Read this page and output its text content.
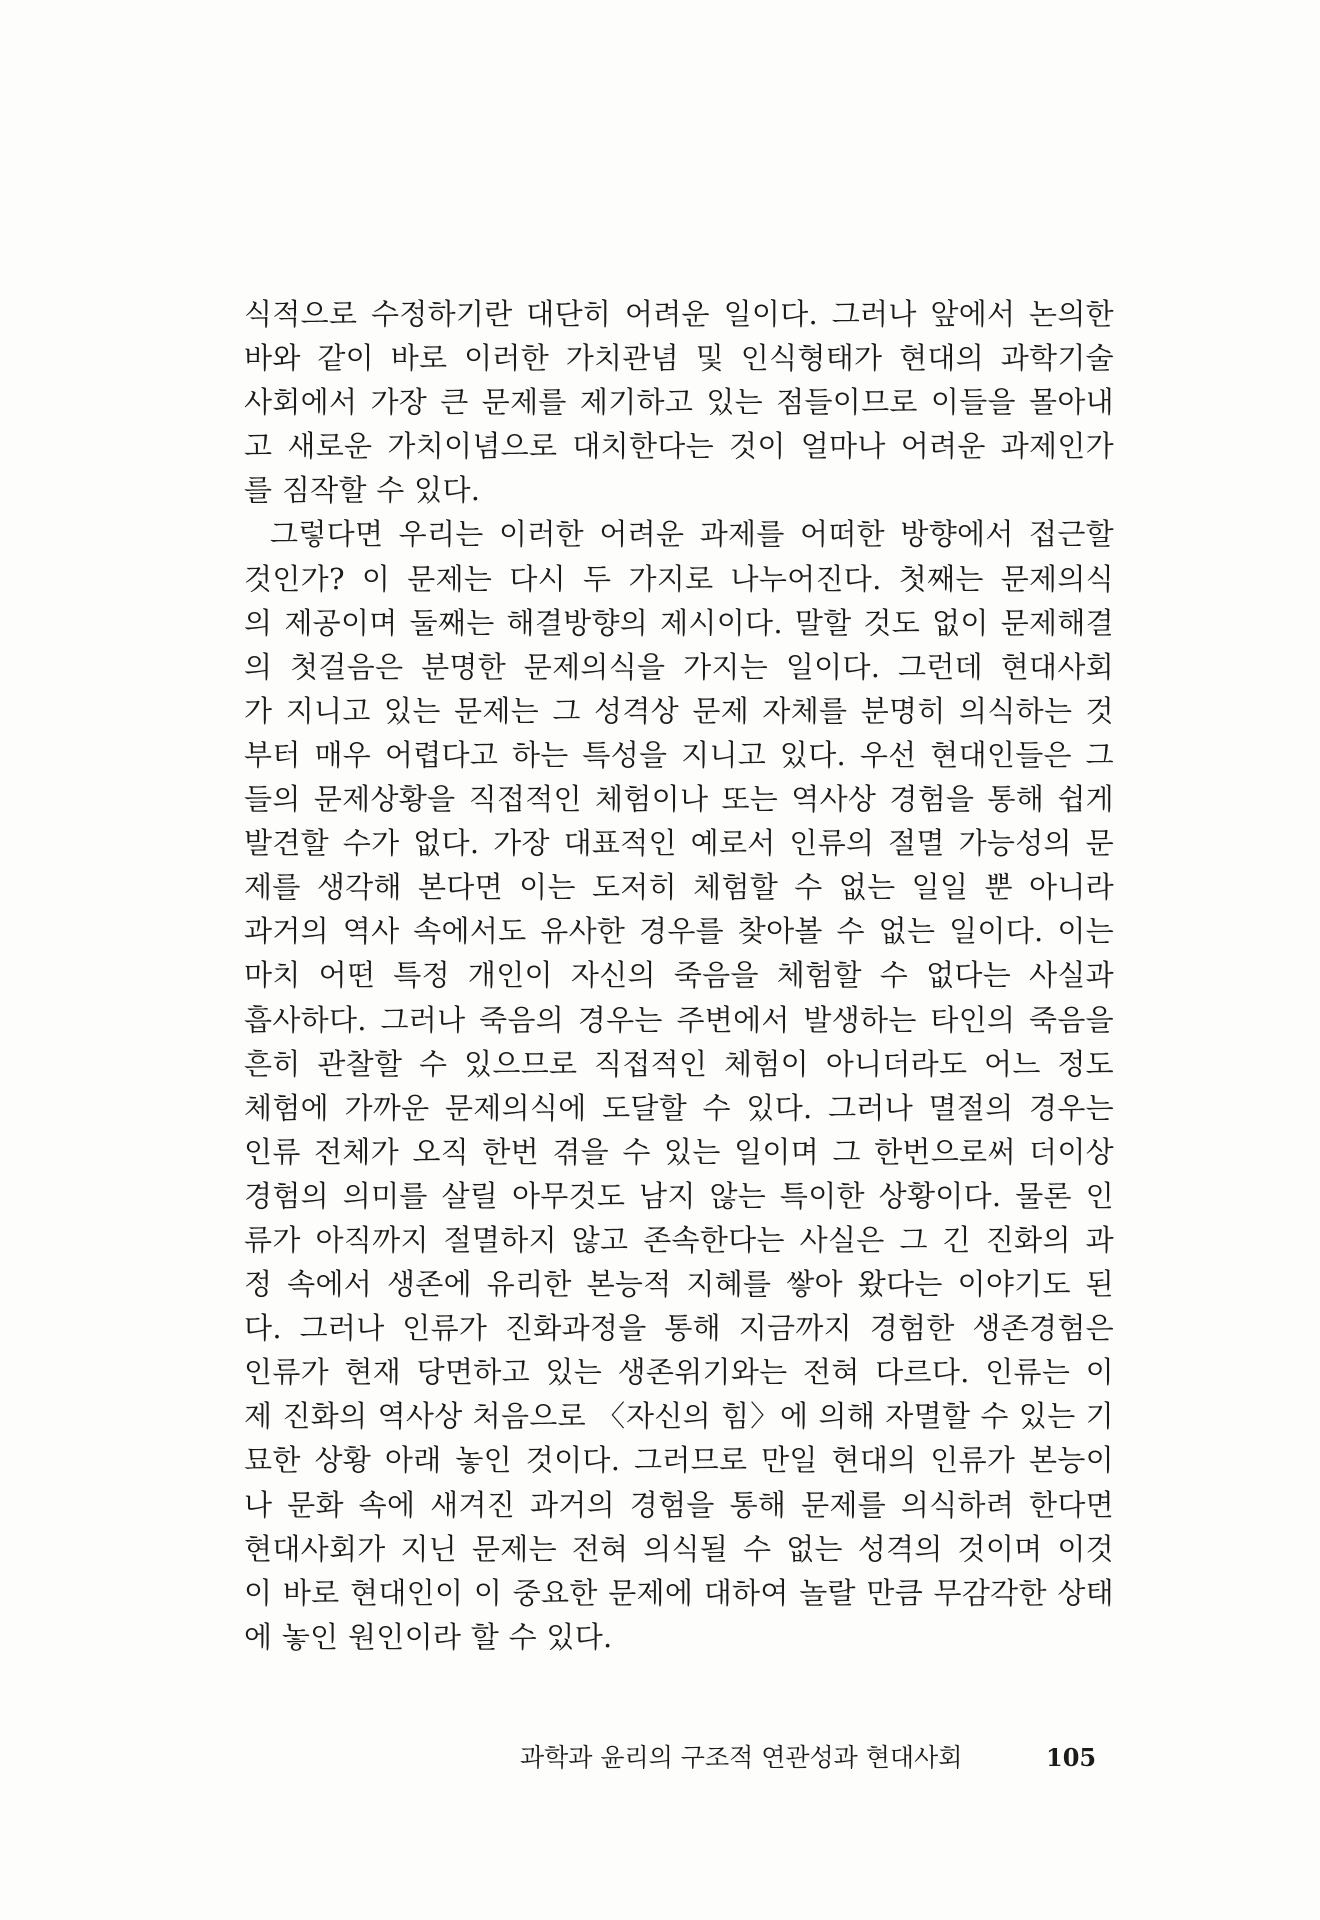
식적으로 수정하기란 대단히 어려운 일이다. 그러나 앞에서 논의한
바와 같이 바로 이러한 가치관념 및 인식형태가 현대의 과학기술
사회에서 가장 큰 문제를 제기하고 있는 점들이므로 이들을 몰아내
고 새로운 가치이념으로 대치한다는 것이 얼마나 어려운 과제인가
를 짐작할 수 있다.
그렇다면 우리는 이러한 어려운 과제를 어떠한 방향에서 접근할
것인가? 이 문제는 다시 두 가지로 나누어진다. 첫째는 문제의식
의 제공이며 둘째는 해결방향의 제시이다. 말할 것도 없이 문제해결
의 첫걸음은 분명한 문제의식을 가지는 일이다. 그런데 현대사회
가 지니고 있는 문제는 그 성격상 문제 자체를 분명히 의식하는 것
부터 매우 어렵다고 하는 특성을 지니고 있다. 우선 현대인들은 그
들의 문제상황을 직접적인 체험이나 또는 역사상 경험을 통해 쉽게
발견할 수가 없다. 가장 대표적인 예로서 인류의 절멸 가능성의 문
제를 생각해 본다면 이는 도저히 체험할 수 없는 일일 뿐 아니라
과거의 역사 속에서도 유사한 경우를 찾아볼 수 없는 일이다. 이는
마치 어떤 특정 개인이 자신의 죽음을 체험할 수 없다는 사실과
흡사하다. 그러나 죽음의 경우는 주변에서 발생하는 타인의 죽음을
흔히 관찰할 수 있으므로 직접적인 체험이 아니더라도 어느 정도
체험에 가까운 문제의식에 도달할 수 있다. 그러나 멸절의 경우는
인류 전체가 오직 한번 겪을 수 있는 일이며 그 한번으로써 더이상
경험의 의미를 살릴 아무것도 남지 않는 특이한 상황이다. 물론 인
류가 아직까지 절멸하지 않고 존속한다는 사실은 그 긴 진화의 과
정 속에서 생존에 유리한 본능적 지혜를 쌓아 왔다는 이야기도 된
다. 그러나 인류가 진화과정을 통해 지금까지 경험한 생존경험은
인류가 현재 당면하고 있는 생존위기와는 전혀 다르다. 인류는 이
제 진화의 역사상 처음으로 〈자신의 힘〉에 의해 자멸할 수 있는 기
묘한 상황 아래 놓인 것이다. 그러므로 만일 현대의 인류가 본능이
나 문화 속에 새겨진 과거의 경험을 통해 문제를 의식하려 한다면
현대사회가 지닌 문제는 전혀 의식될 수 없는 성격의 것이며 이것
이 바로 현대인이 이 중요한 문제에 대하여 놀랄 만큼 무감각한 상태
에 놓인 원인이라 할 수 있다.
과학과 윤리의 구조적 연관성과 현대사회	105
